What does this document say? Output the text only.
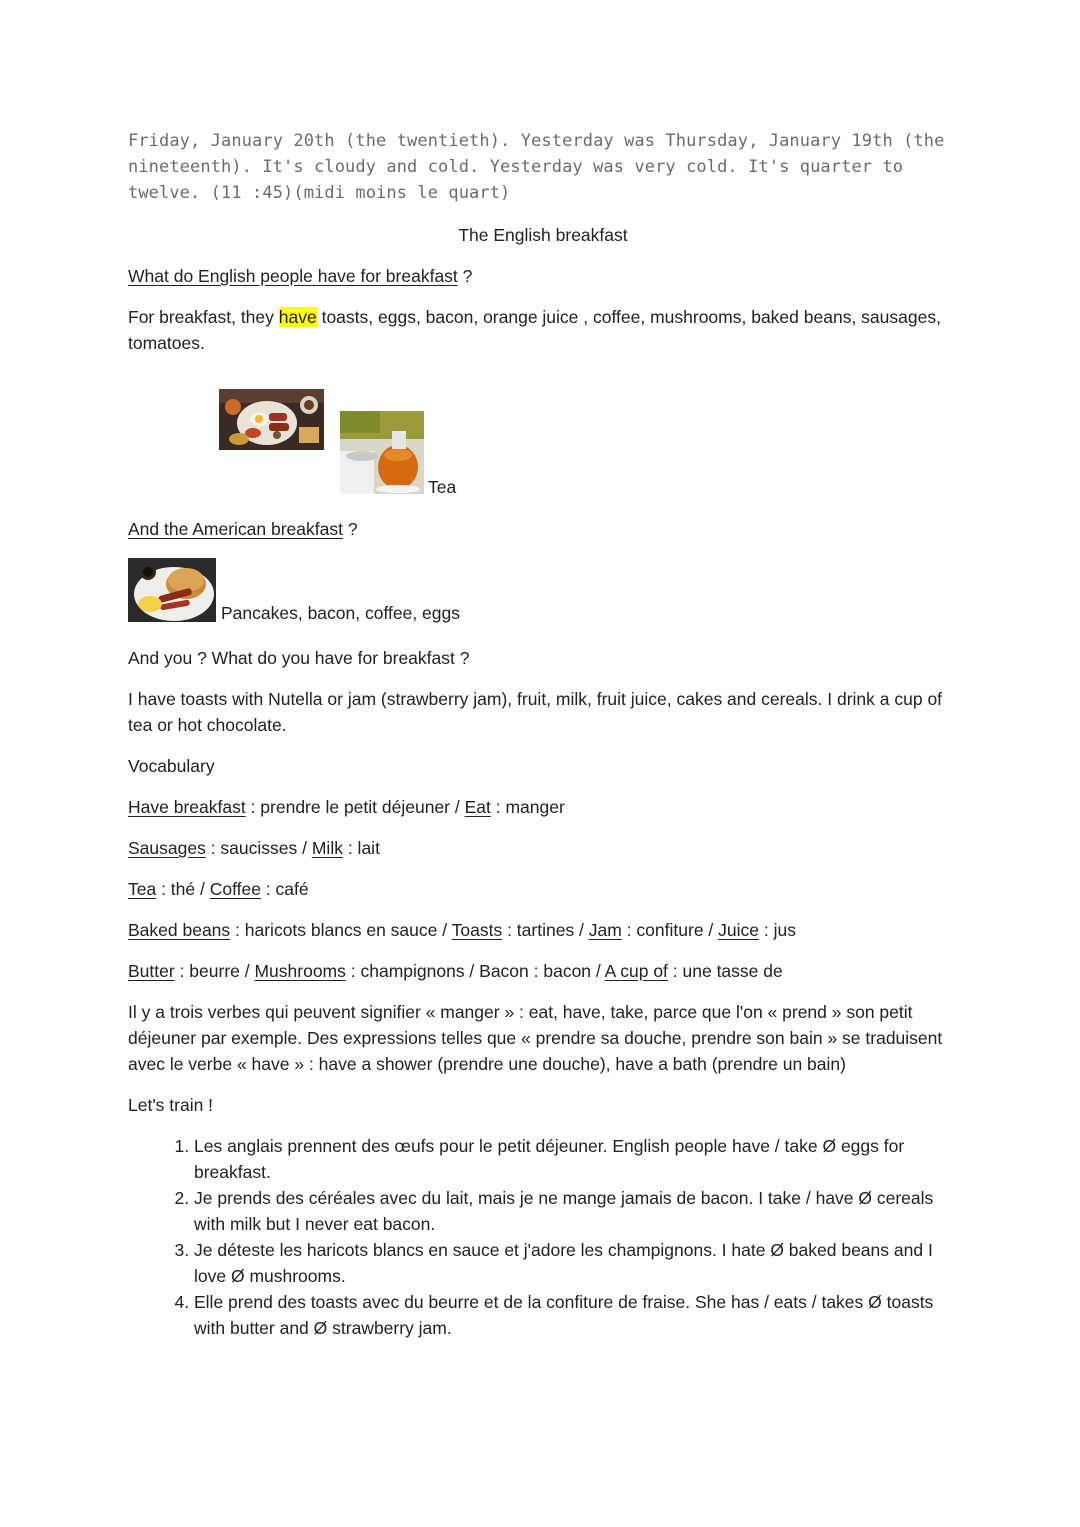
Tea
Pancakes, bacon, coffee, eggs
Friday, January 20th (the twentieth). Yesterday was Thursday, January 19th (the nineteenth). It's cloudy and cold. Yesterday was very cold. It's quarter to twelve. (11 :45)(midi moins le quart)

The English breakfast

What do English people have for breakfast ?

For breakfast, they have toasts, eggs, bacon, orange juice , coffee, mushrooms, baked beans, sausages, tomatoes.

And the American breakfast ?

And you ? What do you have for breakfast ?

I have toasts with Nutella or jam (strawberry jam), fruit, milk, fruit juice, cakes and cereals. I drink a cup of tea or hot chocolate.

Vocabulary

Have breakfast : prendre le petit déjeuner / Eat : manger

Sausages : saucisses / Milk : lait

Tea : thé / Coffee : café

Baked beans : haricots blancs en sauce / Toasts : tartines / Jam : confiture / Juice : jus

Butter : beurre / Mushrooms : champignons / Bacon : bacon / A cup of : une tasse de

Il y a trois verbes qui peuvent signifier « manger » : eat, have, take, parce que l'on « prend » son petit déjeuner par exemple. Des expressions telles que « prendre sa douche, prendre son bain » se traduisent avec le verbe « have » : have a shower (prendre une douche), have a bath (prendre un bain)

Let's train !

1. Les anglais prennent des œufs pour le petit déjeuner. English people have / take Ø eggs for breakfast.
2. Je prends des céréales avec du lait, mais je ne mange jamais de bacon. I take / have Ø cereals with milk but I never eat bacon.
3. Je déteste les haricots blancs en sauce et j'adore les champignons. I hate Ø baked beans and I love Ø mushrooms.
4. Elle prend des toasts avec du beurre et de la confiture de fraise. She has / eats / takes Ø toasts with butter and Ø strawberry jam.
